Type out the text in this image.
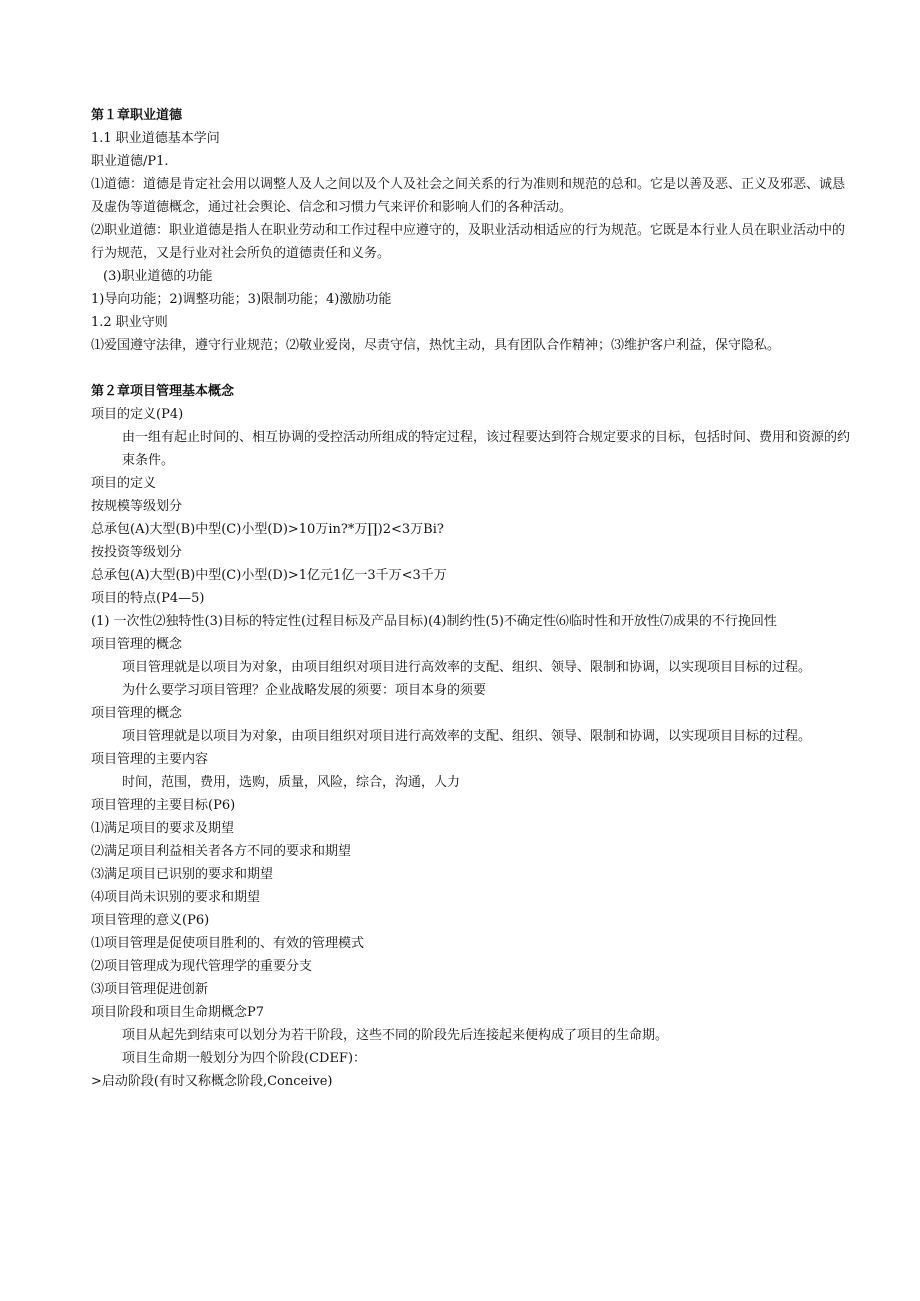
第１章职业道德

1.1 职业道德基本学问

职业道德/P1.

⑴道德：道德是肯定社会用以调整人及人之间以及个人及社会之间关系的行为准则和规范的总和。它是以善及恶、正义及邪恶、诚恳及虚伪等道德概念，通过社会舆论、信念和习惯力气来评价和影响人们的各种活动。

⑵职业道德：职业道德是指人在职业劳动和工作过程中应遵守的，及职业活动相适应的行为规范。它既是本行业人员在职业活动中的行为规范，又是行业对社会所负的道德责任和义务。

(3)职业道德的功能

1)导向功能；2)调整功能；3)限制功能；4)激励功能

1.2 职业守则

⑴爱国遵守法律，遵守行业规范；⑵敬业爱岗，尽责守信，热忱主动，具有团队合作精神；⑶维护客户利益，保守隐私。

第２章项目管理基本概念

项目的定义(P4)

由一组有起止时间的、相互协调的受控活动所组成的特定过程，该过程要达到符合规定要求的目标，包括时间、费用和资源的约束条件。

项目的定义

按规模等级划分

总承包(A)大型(B)中型(C)小型(D)>10万in?*万∏)2<3万Bi?

按投资等级划分

总承包(A)大型(B)中型(C)小型(D)>1亿元1亿一3千万<3千万

项目的特点(P4—5)

(1) 一次性⑵独特性(3)目标的特定性(过程目标及产品目标)(4)制约性(5)不确定性⑹临时性和开放性⑺成果的不行挽回性

项目管理的概念

项目管理就是以项目为对象，由项目组织对项目进行高效率的支配、组织、领导、限制和协调，以实现项目目标的过程。

为什么要学习项目管理？企业战略发展的须要：项目本身的须要

项目管理的概念

项目管理就是以项目为对象，由项目组织对项目进行高效率的支配、组织、领导、限制和协调，以实现项目目标的过程。

项目管理的主要内容

时间，范围，费用，选购，质量，风险，综合，沟通，人力

项目管理的主要目标(P6)

⑴满足项目的要求及期望

⑵满足项目利益相关者各方不同的要求和期望

⑶满足项目已识别的要求和期望

⑷项目尚未识别的要求和期望

项目管理的意义(P6)

⑴项目管理是促使项目胜利的、有效的管理模式

⑵项目管理成为现代管理学的重要分支

⑶项目管理促进创新

项目阶段和项目生命期概念P7

项目从起先到结束可以划分为若干阶段，这些不同的阶段先后连接起来便构成了项目的生命期。

项目生命期一般划分为四个阶段(CDEF)：

>启动阶段(有时又称概念阶段,Conceive)
